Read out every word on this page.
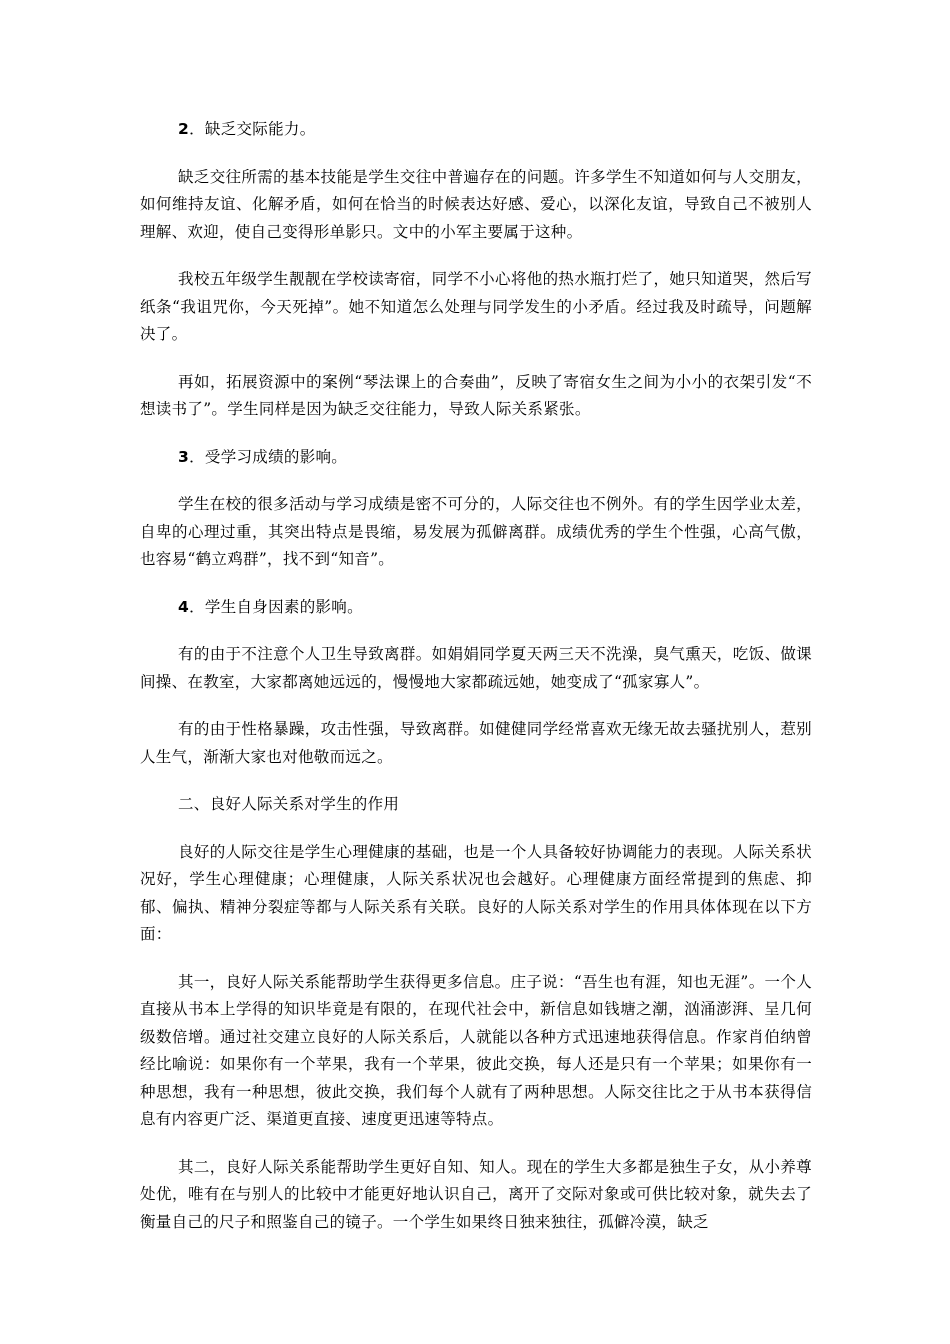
2．缺乏交际能力。

缺乏交往所需的基本技能是学生交往中普遍存在的问题。许多学生不知道如何与人交朋友，如何维持友谊、化解矛盾，如何在恰当的时候表达好感、爱心，以深化友谊，导致自己不被别人理解、欢迎，使自己变得形单影只。文中的小军主要属于这种。

我校五年级学生靓靓在学校读寄宿，同学不小心将他的热水瓶打烂了，她只知道哭，然后写纸条“我诅咒你，今天死掉”。她不知道怎么处理与同学发生的小矛盾。经过我及时疏导，问题解决了。

再如，拓展资源中的案例“琴法课上的合奏曲”，反映了寄宿女生之间为小小的衣架引发“不想读书了”。学生同样是因为缺乏交往能力，导致人际关系紧张。

3．受学习成绩的影响。

学生在校的很多活动与学习成绩是密不可分的，人际交往也不例外。有的学生因学业太差，自卑的心理过重，其突出特点是畏缩，易发展为孤僻离群。成绩优秀的学生个性强，心高气傲，也容易“鹤立鸡群”，找不到“知音”。

4．学生自身因素的影响。

有的由于不注意个人卫生导致离群。如娟娟同学夏天两三天不洗澡，臭气熏天，吃饭、做课间操、在教室，大家都离她远远的，慢慢地大家都疏远她，她变成了“孤家寡人”。

有的由于性格暴躁，攻击性强，导致离群。如健健同学经常喜欢无缘无故去骚扰别人，惹别人生气，渐渐大家也对他敬而远之。

二、良好人际关系对学生的作用

良好的人际交往是学生心理健康的基础，也是一个人具备较好协调能力的表现。人际关系状况好，学生心理健康；心理健康，人际关系状况也会越好。心理健康方面经常提到的焦虑、抑郁、偏执、精神分裂症等都与人际关系有关联。良好的人际关系对学生的作用具体体现在以下方面：

其一，良好人际关系能帮助学生获得更多信息。庄子说：“吾生也有涯，知也无涯”。一个人直接从书本上学得的知识毕竟是有限的，在现代社会中，新信息如钱塘之潮，汹涌澎湃、呈几何级数倍增。通过社交建立良好的人际关系后，人就能以各种方式迅速地获得信息。作家肖伯纳曾经比喻说：如果你有一个苹果，我有一个苹果，彼此交换，每人还是只有一个苹果；如果你有一种思想，我有一种思想，彼此交换，我们每个人就有了两种思想。人际交往比之于从书本获得信息有内容更广泛、渠道更直接、速度更迅速等特点。

其二，良好人际关系能帮助学生更好自知、知人。现在的学生大多都是独生子女，从小养尊处优，唯有在与别人的比较中才能更好地认识自己，离开了交际对象或可供比较对象，就失去了衡量自己的尺子和照鉴自己的镜子。一个学生如果终日独来独往，孤僻冷漠，缺乏
